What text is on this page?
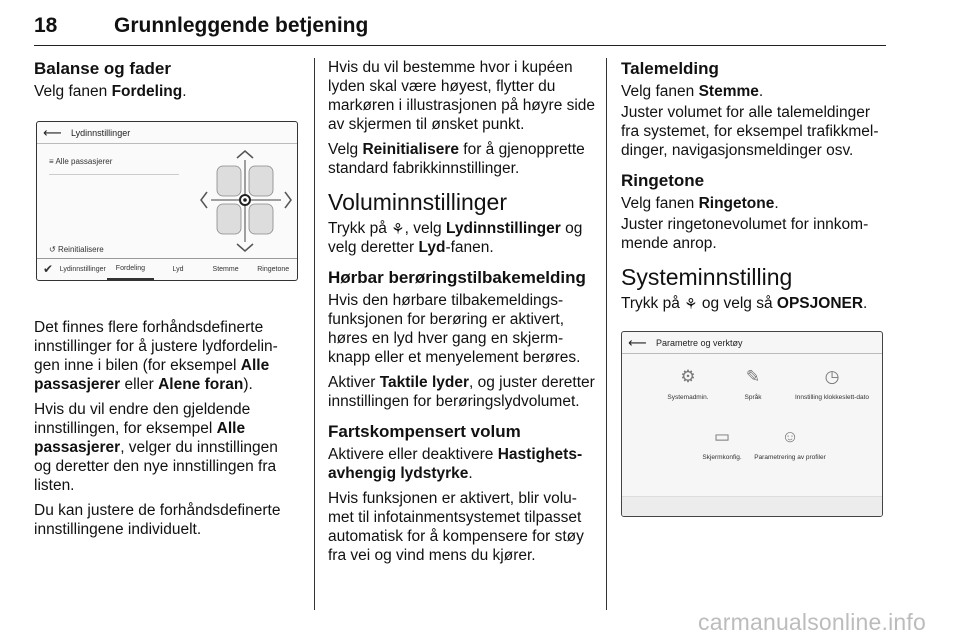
18	Grunnleggende betjening
Balanse og fader

Velg fanen Fordeling.

⟵ Lydinnstillinger
≡ Alle passasjerer
↺ Reinitialisere
✔ Lydinnstillinger	Fordeling	Lyd	Stemme	Ringetone

Det finnes flere forhåndsdefinerte innstillinger for å justere lydfordelingen inne i bilen (for eksempel Alle passasjerer eller Alene foran).

Hvis du vil endre den gjeldende innstillingen, for eksempel Alle passasjerer, velger du innstillingen og deretter den nye innstillingen fra listen.

Du kan justere de forhåndsdefinerte innstillingene individuelt.

Hvis du vil bestemme hvor i kupéen lyden skal være høyest, flytter du markøren i illustrasjonen på høyre side av skjermen til ønsket punkt.

Velg Reinitialisere for å gjenopprette standard fabrikkinnstillinger.

Voluminnstillinger

Trykk på ⚘, velg Lydinnstillinger og velg deretter Lyd-fanen.

Hørbar berøringstilbakemelding

Hvis den hørbare tilbakemeldingsfunksjonen for berøring er aktivert, høres en lyd hver gang en skjermknapp eller et menyelement berøres.

Aktiver Taktile lyder, og juster deretter innstillingen for berøringslydvolumet.

Fartskompensert volum

Aktivere eller deaktivere Hastighetsavhengig lydstyrke.

Hvis funksjonen er aktivert, blir volumet til infotainmentsystemet tilpasset automatisk for å kompensere for støy fra vei og vind mens du kjører.

Talemelding

Velg fanen Stemme.

Juster volumet for alle talemeldinger fra systemet, for eksempel trafikkmeldinger, navigasjonsmeldinger osv.

Ringetone

Velg fanen Ringetone.

Juster ringetonevolumet for innkommende anrop.

Systeminnstilling

Trykk på ⚘ og velg så OPSJONER.

⟵ Parametre og verktøy
⚙
Systemadmin.
✎
Språk
◷
Innstilling klokkeslett-dato
▭
Skjermkonfig.
☺
Parametrering av profiler
carmanualsonline.info
